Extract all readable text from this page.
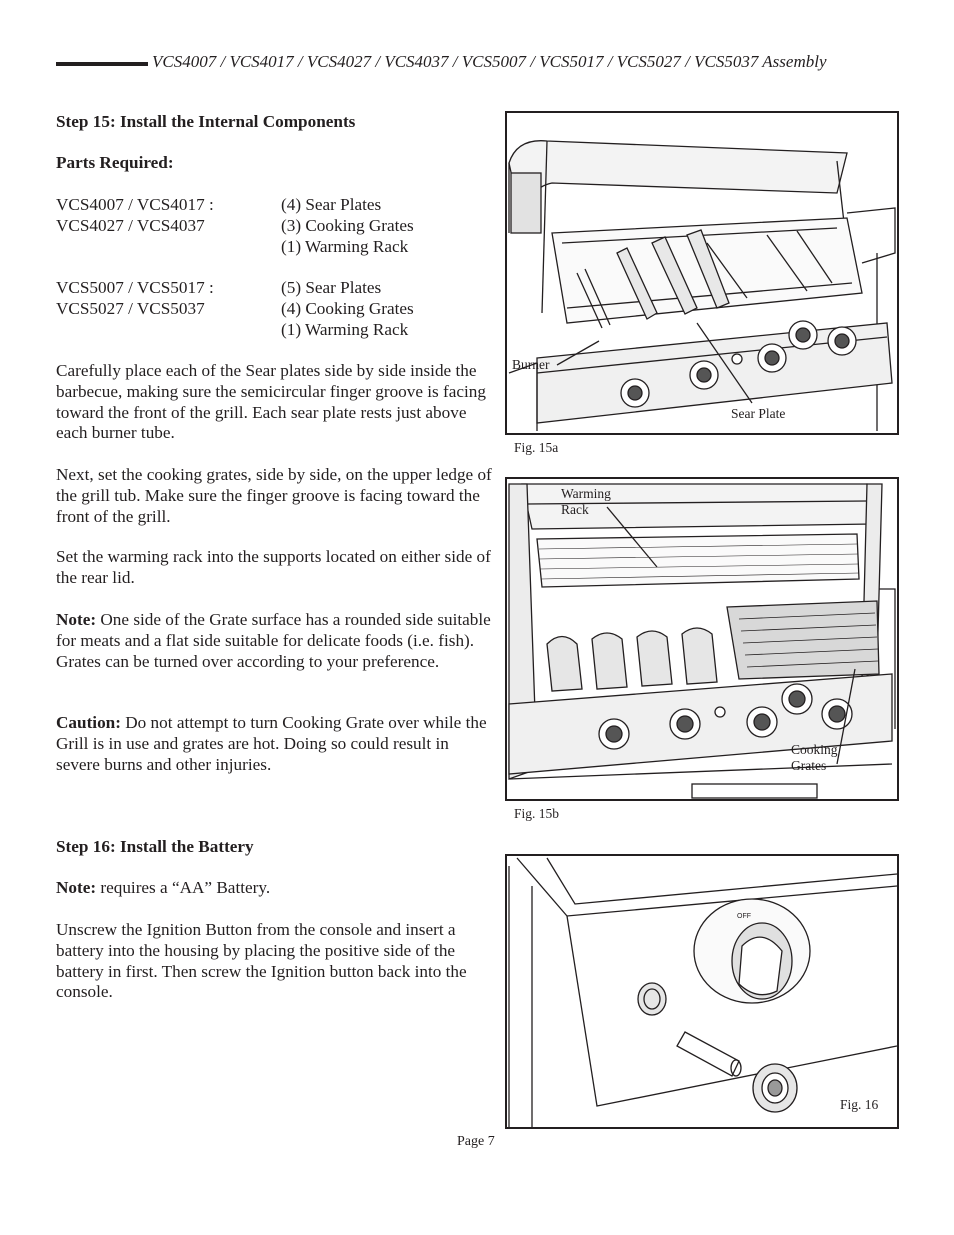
VCS4007 / VCS4017 / VCS4027 / VCS4037 / VCS5007 / VCS5017 / VCS5027 / VCS5037 Assembly
Step 15: Install the Internal Components
Parts Required:
VCS4007 / VCS4017 :	(4) Sear Plates
VCS4027 / VCS4037	(3) Cooking Grates
(1) Warming Rack
VCS5007 / VCS5017 :	(5) Sear Plates
VCS5027 / VCS5037	(4) Cooking Grates
(1) Warming Rack

Carefully place each of the Sear plates side by side inside the barbecue, making sure the semicircular finger groove is facing toward the front of the grill. Each sear plate rests just above each burner tube.

Next, set the cooking grates, side by side, on the upper ledge of the grill tub. Make sure the finger groove is facing toward the front of the grill.

Set the warming rack into the supports located on either side of the rear lid.

Note: One side of the Grate surface has a rounded side suitable for meats and a flat side suitable for delicate foods (i.e. fish). Grates can be turned over according to your preference.

Caution: Do not attempt to turn Cooking Grate over while the Grill is in use and grates are hot. Doing so could result in severe burns and other injuries.

Step 16: Install the Battery

Note: requires a “AA” Battery.

Unscrew the Ignition Button from the console and insert a battery into the housing by placing the positive side of the battery in first. Then screw the Ignition button back into the console.

Burner
Sear Plate
Fig. 15a
Warming
Rack
Cooking
Grates
Fig. 15b
OFF
Fig. 16
Page 7
